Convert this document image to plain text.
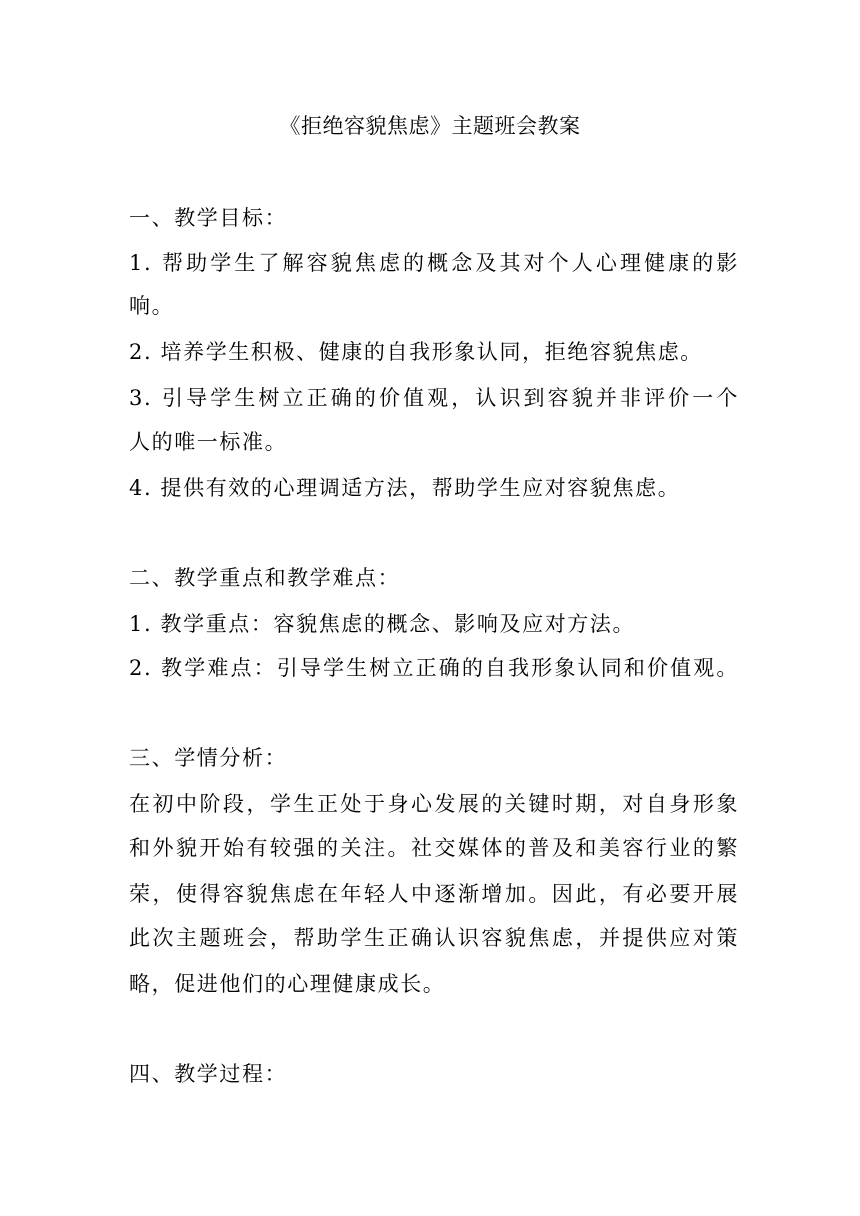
《拒绝容貌焦虑》主题班会教案
一、教学目标：
1. 帮助学生了解容貌焦虑的概念及其对个人心理健康的影
响。
2. 培养学生积极、健康的自我形象认同，拒绝容貌焦虑。
3. 引导学生树立正确的价值观，认识到容貌并非评价一个
人的唯一标准。
4. 提供有效的心理调适方法，帮助学生应对容貌焦虑。
二、教学重点和教学难点：
1. 教学重点：容貌焦虑的概念、影响及应对方法。
2. 教学难点：引导学生树立正确的自我形象认同和价值观。
三、学情分析：
在初中阶段，学生正处于身心发展的关键时期，对自身形象
和外貌开始有较强的关注。社交媒体的普及和美容行业的繁
荣，使得容貌焦虑在年轻人中逐渐增加。因此，有必要开展
此次主题班会，帮助学生正确认识容貌焦虑，并提供应对策
略，促进他们的心理健康成长。
四、教学过程：
